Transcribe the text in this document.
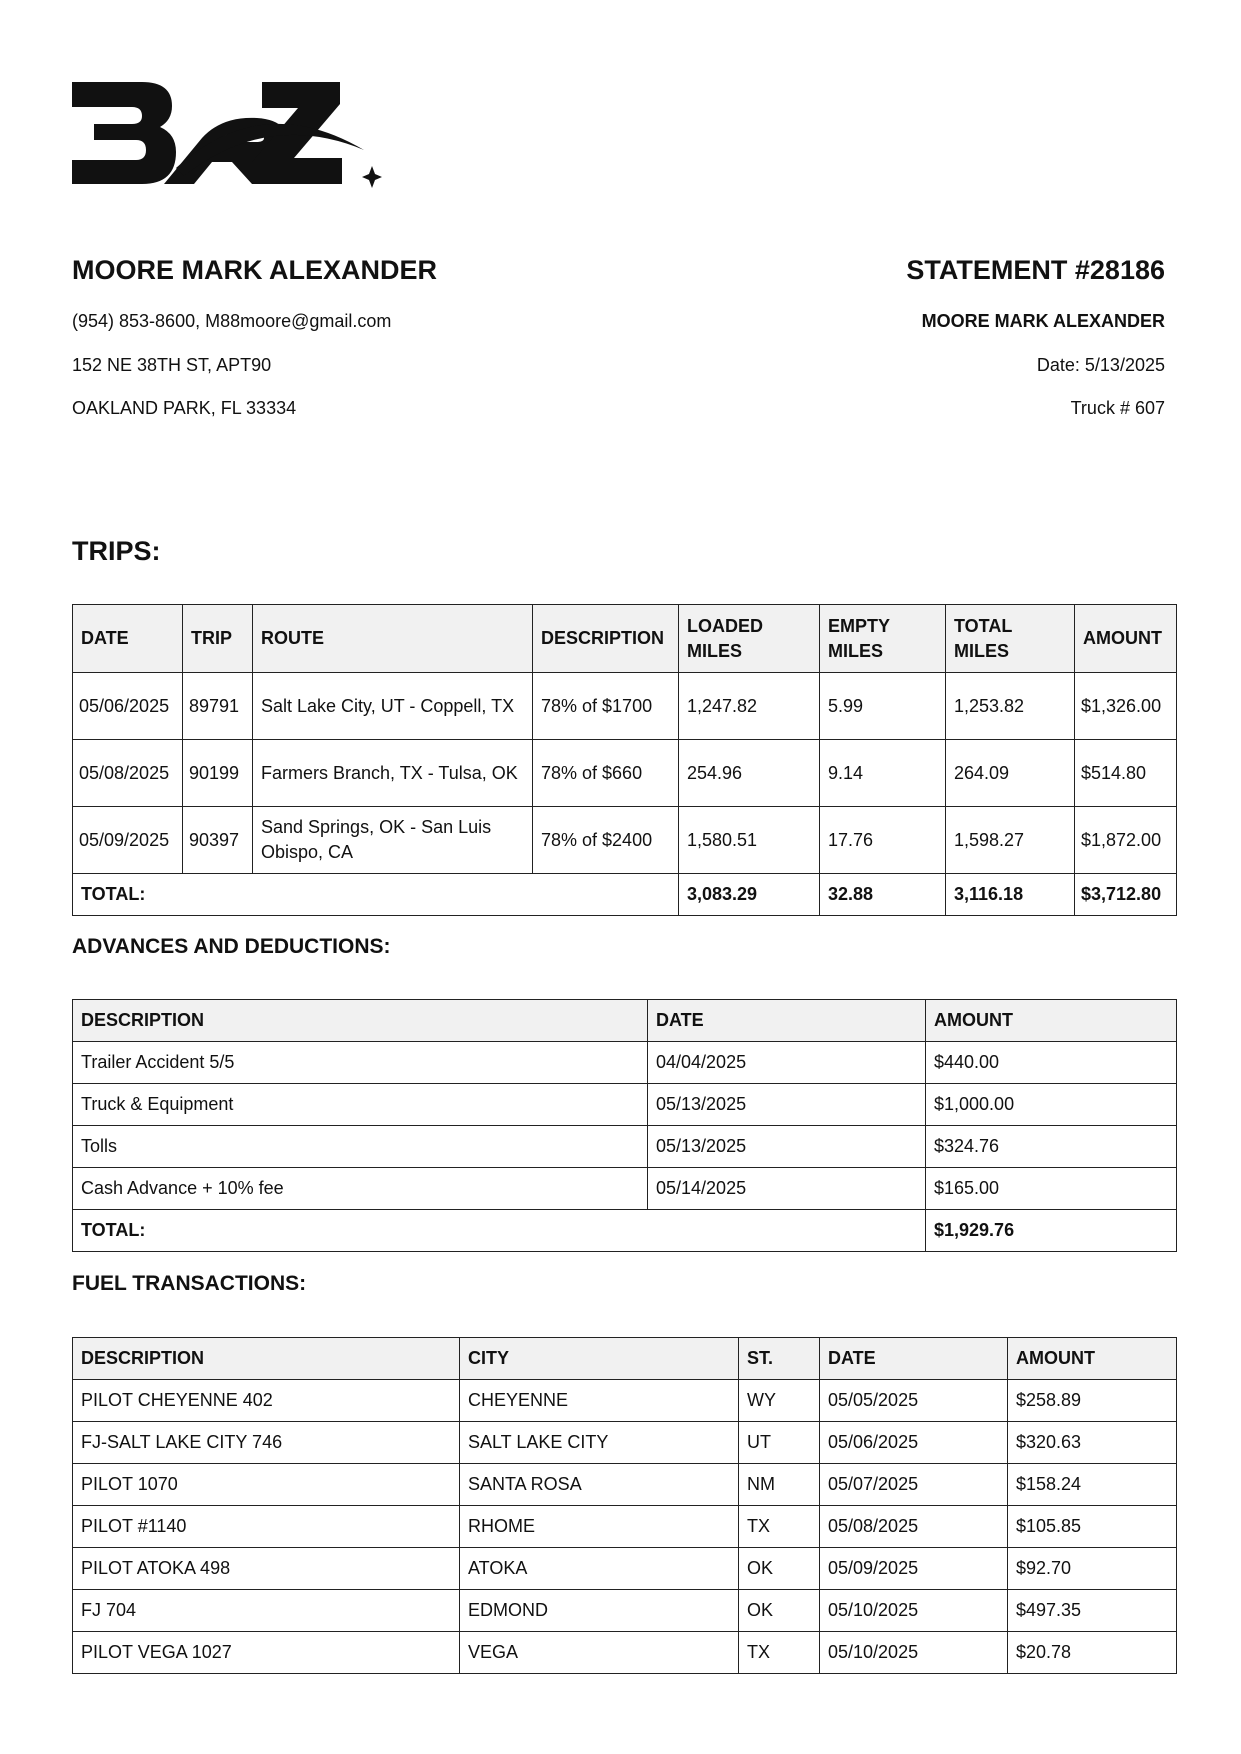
MOORE MARK ALEXANDER
(954) 853-8600, M88moore@gmail.com
152 NE 38TH ST, APT90
OAKLAND PARK, FL 33334
STATEMENT #28186
MOORE MARK ALEXANDER
Date: 5/13/2025
Truck # 607
TRIPS:
DATE	TRIP	ROUTE	DESCRIPTION	LOADED MILES	EMPTY MILES	TOTAL MILES	AMOUNT
05/06/2025	89791	Salt Lake City, UT - Coppell, TX	78% of $1700	1,247.82	5.99	1,253.82	$1,326.00
05/08/2025	90199	Farmers Branch, TX - Tulsa, OK	78% of $660	254.96	9.14	264.09	$514.80
05/09/2025	90397	Sand Springs, OK - San Luis Obispo, CA	78% of $2400	1,580.51	17.76	1,598.27	$1,872.00
TOTAL:				3,083.29	32.88	3,116.18	$3,712.80
ADVANCES AND DEDUCTIONS:
DESCRIPTION	DATE	AMOUNT
Trailer Accident 5/5	04/04/2025	$440.00
Truck & Equipment	05/13/2025	$1,000.00
Tolls	05/13/2025	$324.76
Cash Advance + 10% fee	05/14/2025	$165.00
TOTAL:		$1,929.76
FUEL TRANSACTIONS:
DESCRIPTION	CITY	ST.	DATE	AMOUNT
PILOT CHEYENNE 402	CHEYENNE	WY	05/05/2025	$258.89
FJ-SALT LAKE CITY 746	SALT LAKE CITY	UT	05/06/2025	$320.63
PILOT 1070	SANTA ROSA	NM	05/07/2025	$158.24
PILOT #1140	RHOME	TX	05/08/2025	$105.85
PILOT ATOKA 498	ATOKA	OK	05/09/2025	$92.70
FJ 704	EDMOND	OK	05/10/2025	$497.35
PILOT VEGA 1027	VEGA	TX	05/10/2025	$20.78
